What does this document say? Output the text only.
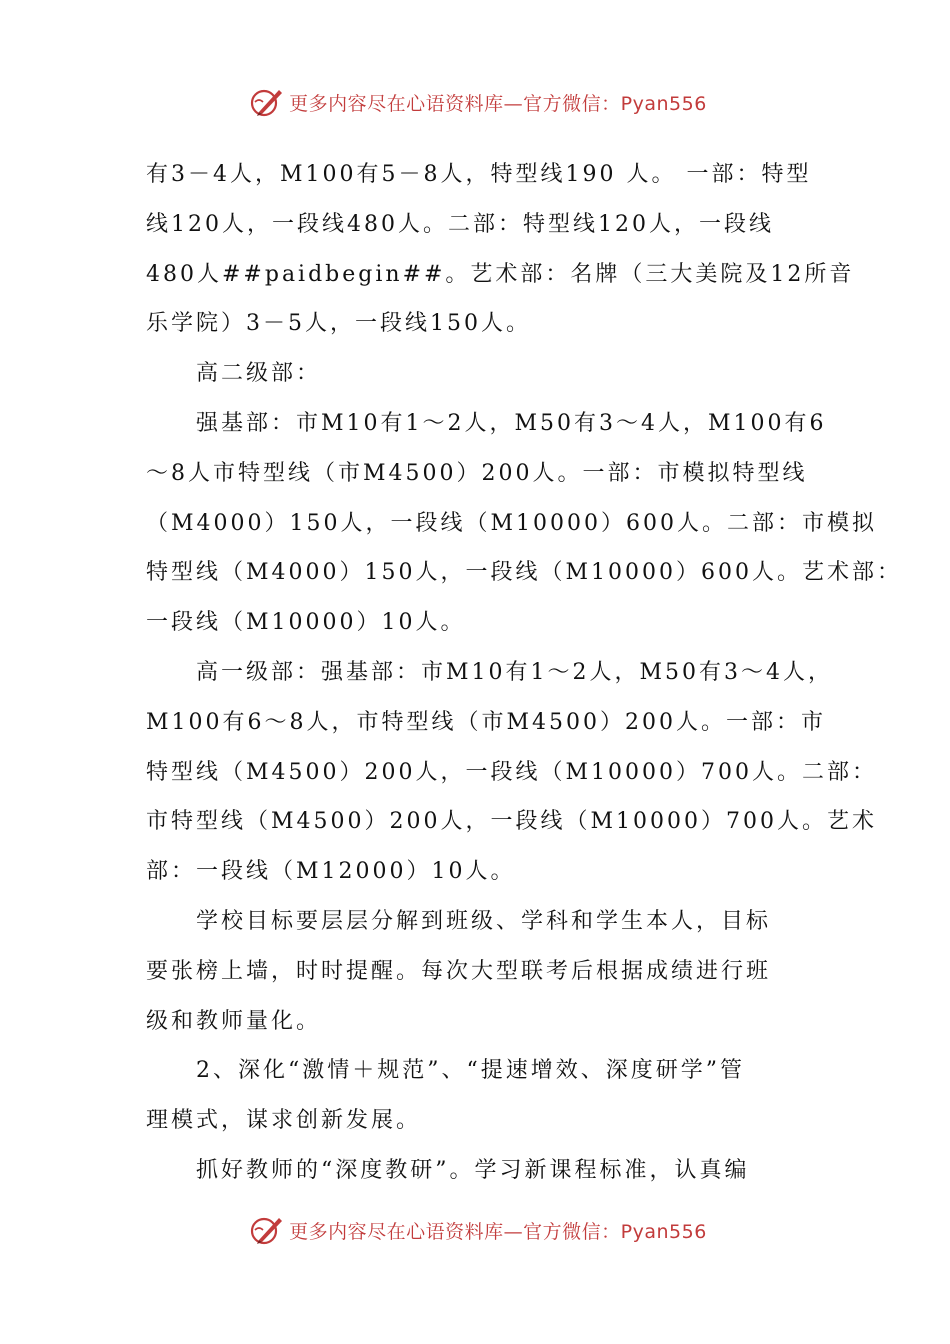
更多内容尽在心语资料库—官方微信：Pyan556
有3－4人，M100有5－8人，特型线190 人。 一部：特型
线120人，一段线480人。二部：特型线120人，一段线
480人##paidbegin##。艺术部：名牌（三大美院及12所音
乐学院）3－5人，一段线150人。
高二级部：
强基部：市M10有1～2人，M50有3～4人，M100有6
～8人市特型线（市M4500）200人。一部：市模拟特型线
（M4000）150人，一段线（M10000）600人。二部：市模拟
特型线（M4000）150人，一段线（M10000）600人。艺术部：
一段线（M10000）10人。
高一级部：强基部：市M10有1～2人，M50有3～4人，
M100有6～8人，市特型线（市M4500）200人。一部：市
特型线（M4500）200人，一段线（M10000）700人。二部：
市特型线（M4500）200人，一段线（M10000）700人。艺术
部：一段线（M12000）10人。
学校目标要层层分解到班级、学科和学生本人，目标
要张榜上墙，时时提醒。每次大型联考后根据成绩进行班
级和教师量化。
2、深化“激情＋规范”、“提速增效、深度研学”管
理模式，谋求创新发展。
抓好教师的“深度教研”。学习新课程标准，认真编
更多内容尽在心语资料库—官方微信：Pyan556
